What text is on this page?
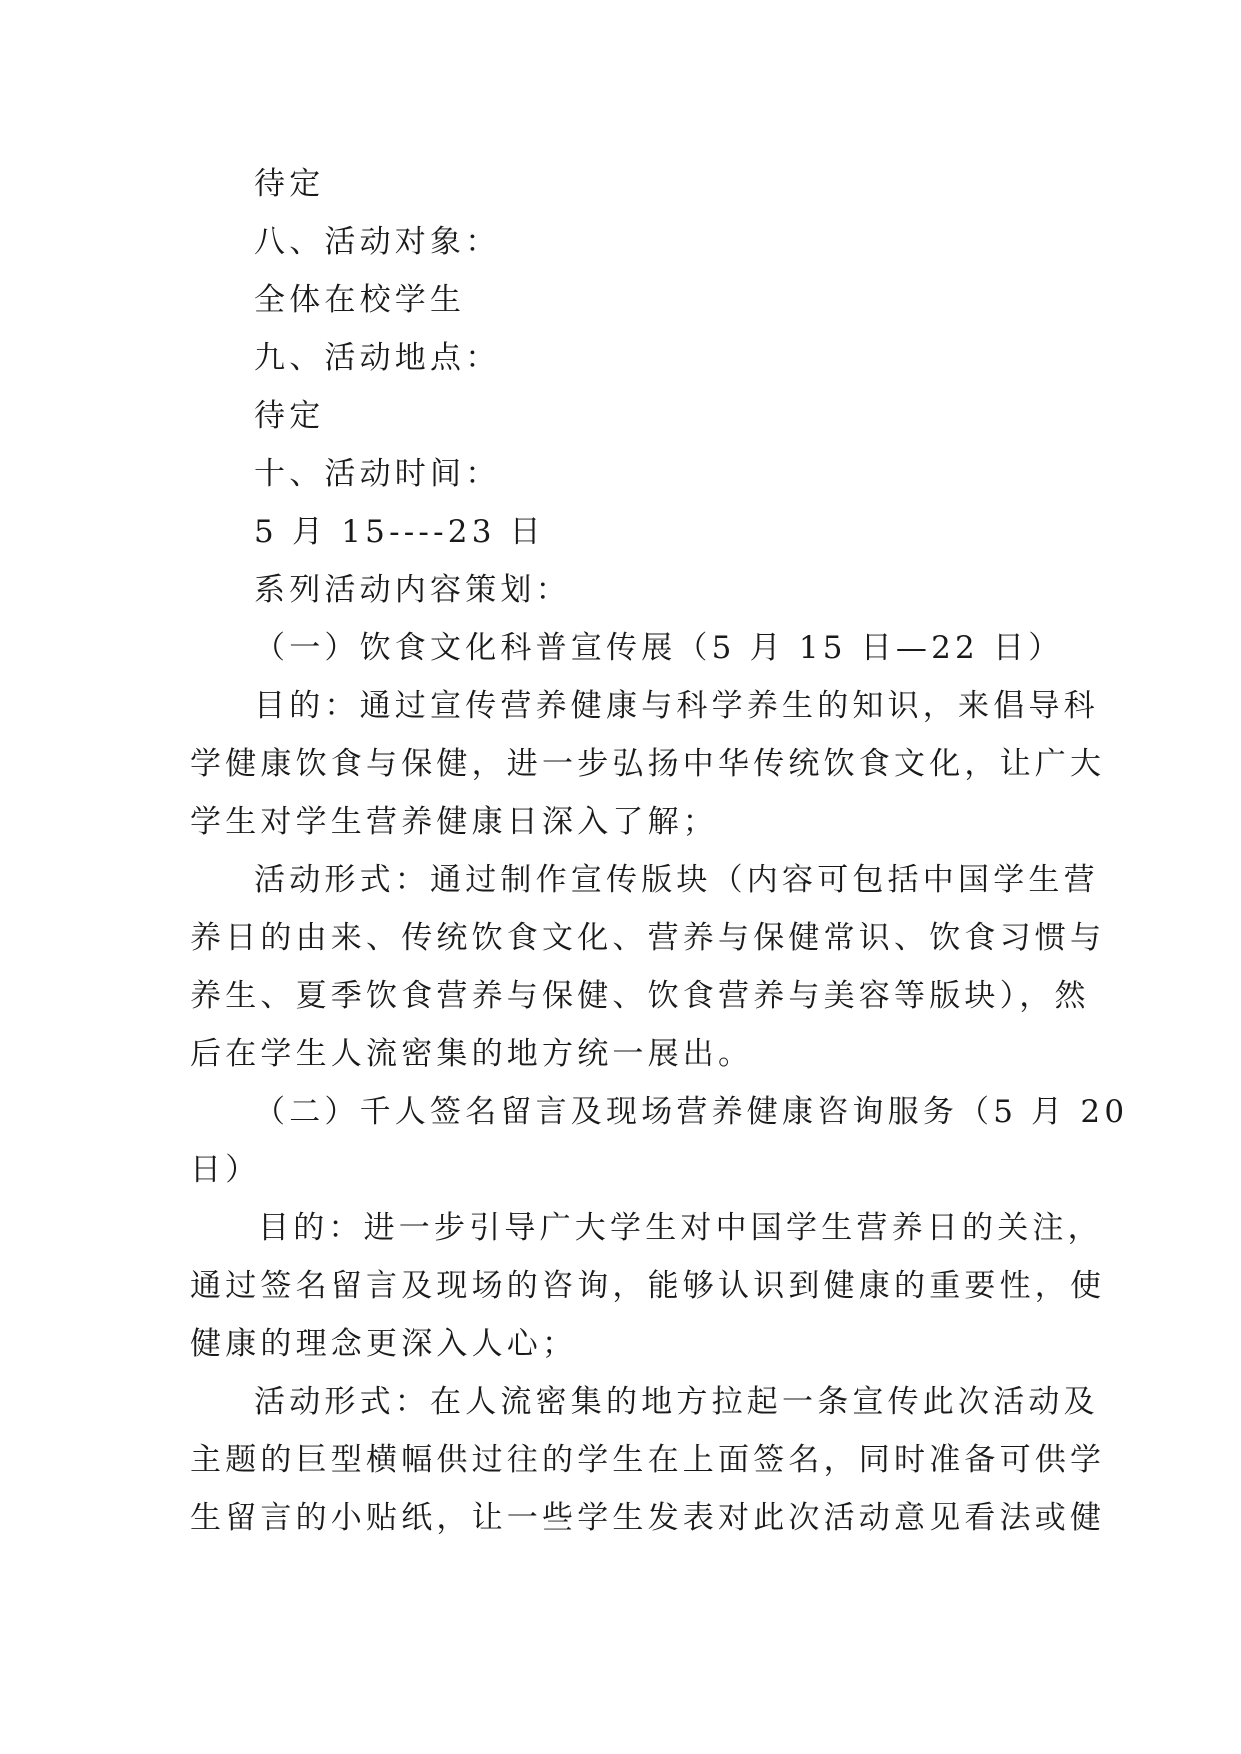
待定
八、活动对象：
全体在校学生
九、活动地点：
待定
十、活动时间：
5 月 15----23 日
系列活动内容策划：
（一）饮食文化科普宣传展（5 月 15 日—22 日）
目的：通过宣传营养健康与科学养生的知识，来倡导科
学健康饮食与保健，进一步弘扬中华传统饮食文化，让广大
学生对学生营养健康日深入了解；
活动形式：通过制作宣传版块（内容可包括中国学生营
养日的由来、传统饮食文化、营养与保健常识、饮食习惯与
养生、夏季饮食营养与保健、饮食营养与美容等版块），然
后在学生人流密集的地方统一展出。
（二）千人签名留言及现场营养健康咨询服务（5 月 20
日）
目的：进一步引导广大学生对中国学生营养日的关注，
通过签名留言及现场的咨询，能够认识到健康的重要性，使
健康的理念更深入人心；
活动形式：在人流密集的地方拉起一条宣传此次活动及
主题的巨型横幅供过往的学生在上面签名，同时准备可供学
生留言的小贴纸，让一些学生发表对此次活动意见看法或健
